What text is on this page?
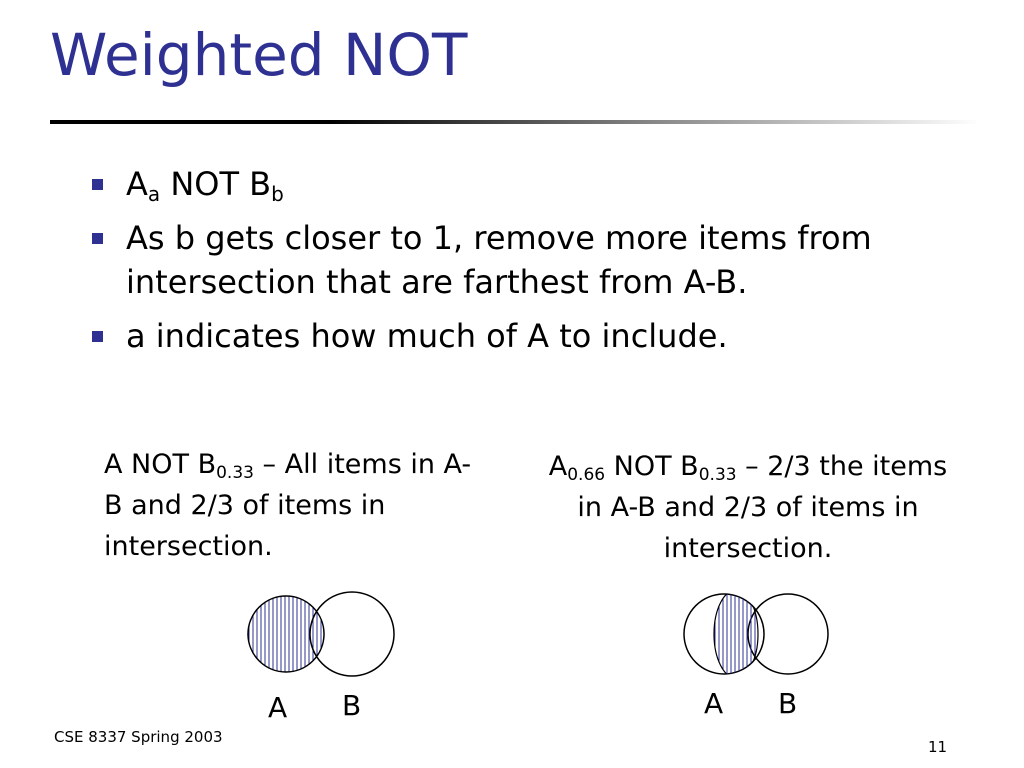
Weighted NOT
$A_a$ NOT $B_b$
As b gets closer to 1, remove more items from intersection that are farthest from A-B.
a indicates how much of A to include.
A NOT $B_{0.33}$ – All items in A-B and 2/3 of items in intersection.
$A_{0.66}$ NOT $B_{0.33} - 2/3$ the items in A-B and 2/3 of items in intersection.
A B	A B
CSE 8337 Spring 2003
11
